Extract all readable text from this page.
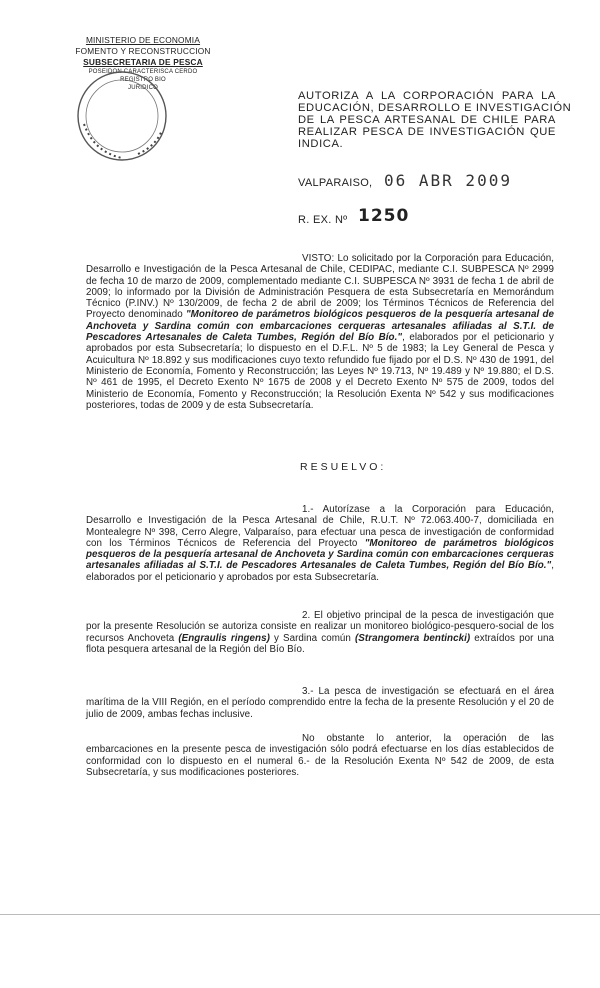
MINISTERIO DE ECONOMIA
FOMENTO Y RECONSTRUCCION
SUBSECRETARIA DE PESCA
POSEIDON CARACTERISCA CERDO
REGISTRO BIO
JURIDICO
AUTORIZA A LA CORPORACIÓN PARA LA
EDUCACIÓN, DESARROLLO E INVESTIGACIÓN
DE LA PESCA ARTESANAL DE CHILE PARA
REALIZAR PESCA DE INVESTIGACIÓN QUE
INDICA.
VALPARAISO, 06 ABR 2009
R. EX. Nº 1250

VISTO: Lo solicitado por la Corporación para Educación, Desarrollo e Investigación de la Pesca Artesanal de Chile, CEDIPAC, mediante C.I. SUBPESCA Nº 2999 de fecha 10 de marzo de 2009, complementado mediante C.I. SUBPESCA Nº 3931 de fecha 1 de abril de 2009; lo informado por la División de Administración Pesquera de esta Subsecretaría en Memorándum Técnico (P.INV.) Nº 130/2009, de fecha 2 de abril de 2009; los Términos Técnicos de Referencia del Proyecto denominado "Monitoreo de parámetros biológicos pesqueros de la pesquería artesanal de Anchoveta y Sardina común con embarcaciones cerqueras artesanales afiliadas al S.T.I. de Pescadores Artesanales de Caleta Tumbes, Región del Bío Bío.", elaborados por el peticionario y aprobados por esta Subsecretaría; lo dispuesto en el D.F.L. Nº 5 de 1983; la Ley General de Pesca y Acuicultura Nº 18.892 y sus modificaciones cuyo texto refundido fue fijado por el D.S. Nº 430 de 1991, del Ministerio de Economía, Fomento y Reconstrucción; las Leyes Nº 19.713, Nº 19.489 y Nº 19.880; el D.S. Nº 461 de 1995, el Decreto Exento Nº 1675 de 2008 y el Decreto Exento Nº 575 de 2009, todos del Ministerio de Economía, Fomento y Reconstrucción; la Resolución Exenta Nº 542 y sus modificaciones posteriores, todas de 2009 y de esta Subsecretaría.

RESUELVO:

1.- Autorízase a la Corporación para Educación, Desarrollo e Investigación de la Pesca Artesanal de Chile, R.U.T. Nº 72.063.400-7, domiciliada en Montealegre Nº 398, Cerro Alegre, Valparaíso, para efectuar una pesca de investigación de conformidad con los Términos Técnicos de Referencia del Proyecto "Monitoreo de parámetros biológicos pesqueros de la pesquería artesanal de Anchoveta y Sardina común con embarcaciones cerqueras artesanales afiliadas al S.T.I. de Pescadores Artesanales de Caleta Tumbes, Región del Bío Bío.", elaborados por el peticionario y aprobados por esta Subsecretaría.

2. El objetivo principal de la pesca de investigación que por la presente Resolución se autoriza consiste en realizar un monitoreo biológico-pesquero-social de los recursos Anchoveta (Engraulis ringens) y Sardina común (Strangomera bentincki) extraídos por una flota pesquera artesanal de la Región del Bío Bío.

3.- La pesca de investigación se efectuará en el área marítima de la VIII Región, en el período comprendido entre la fecha de la presente Resolución y el 20 de julio de 2009, ambas fechas inclusive.

No obstante lo anterior, la operación de las embarcaciones en la presente pesca de investigación sólo podrá efectuarse en los días establecidos de conformidad con lo dispuesto en el numeral 6.- de la Resolución Exenta Nº 542 de 2009, de esta Subsecretaría, y sus modificaciones posteriores.
